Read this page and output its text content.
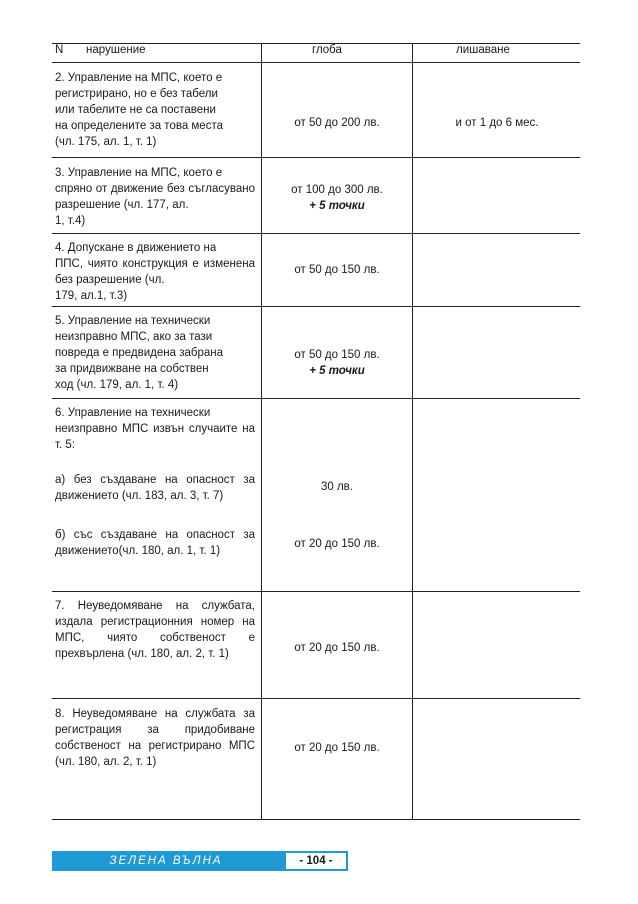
N нарушение	глоба	лишаване
2. Управление на МПС, което е
регистрирано, но е без табели
или табелите не са поставени
на определените за това места
(чл. 175, ал. 1, т. 1)
от 50 до 200 лв.	и от 1 до 6 мес.
3. Управление на МПС, което е
спряно от движение без съгласувано разрешение (чл. 177, ал.
1, т.4)
от 100 до 300 лв.
+ 5 точки
4. Допускане в движението на
ППС, чиято конструкция е изменена без разрешение (чл.
179, ал.1, т.3)
от 50 до 150 лв.
5. Управление на технически
неизправно МПС, ако за тази
повреда е предвидена забрана
за придвижване на собствен
ход (чл. 179, ал. 1, т. 4)
от 50 до 150 лв.
+ 5 точки
6. Управление на технически
неизправно МПС извън случаите на т. 5:
а) без създаване на опасност за движението (чл. 183, ал. 3, т. 7)
б) със създаване на опасност за движението(чл. 180, ал. 1, т. 1)
30 лв.
от 20 до 150 лв.
7. Неуведомяване на службата, издала регистрационния номер на МПС, чиято собственост е прехвърлена (чл. 180, ал. 2, т. 1)	от 20 до 150 лв.
8. Неуведомяване на службата за регистрация за придобиване собственост на регистрирано МПС (чл. 180, ал. 2, т. 1)
от 20 до 150 лв.
ЗЕЛЕНА ВЪЛНА	- 104 -
